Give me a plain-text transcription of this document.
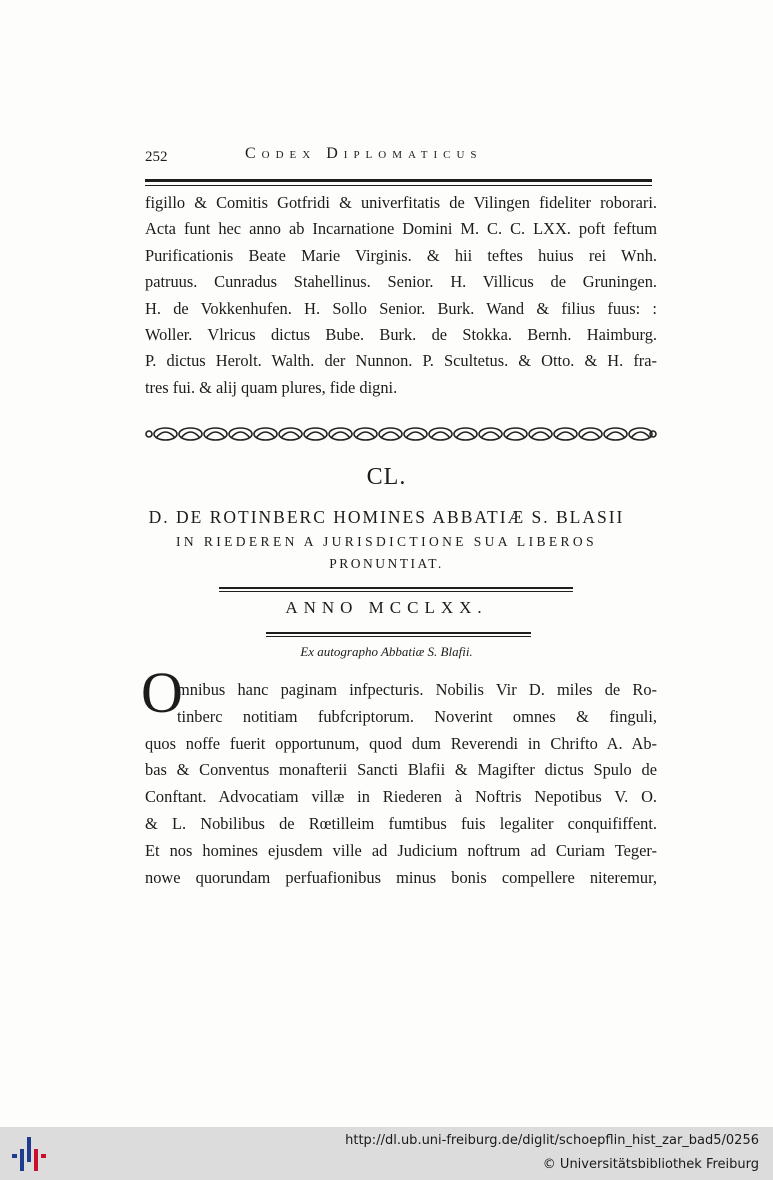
252	Codex Diplomaticus
figillo & Comitis Gotfridi & univerfitatis de Vilingen fideliter roborari.
Acta funt hec anno ab Incarnatione Domini M. C. C. LXX. poft feftum
Purificationis Beate Marie Virginis. & hii teftes huius rei Wnh.
patruus. Cunradus Stahellinus. Senior. H. Villicus de Gruningen.
H. de Vokkenhufen. H. Sollo Senior. Burk. Wand & filius fuus: :
Woller. Vlricus dictus Bube. Burk. de Stokka. Bernh. Haimburg.
P. dictus Herolt. Walth. der Nunnon. P. Scultetus. & Otto. & H. fra-
tres fui. & alij quam plures, fide digni.
CL.
D. DE ROTINBERC HOMINES ABBATIÆ S. BLASII
IN RIEDEREN A JURISDICTIONE SUA LIBEROS
PRONUNTIAT.
ANNO MCCLXX.
Ex autographo Abbatiæ S. Blafii.
O
mnibus hanc paginam infpecturis. Nobilis Vir D. miles de Ro-
tinberc notitiam fubfcriptorum. Noverint omnes & finguli,
quos noffe fuerit opportunum, quod dum Reverendi in Chrifto A. Ab-
bas & Conventus monafterii Sancti Blafii & Magifter dictus Spulo de
Conftant. Advocatiam villæ in Riederen à Noftris Nepotibus V. O.
& L. Nobilibus de Rœtilleim fumtibus fuis legaliter conquififfent.
Et nos homines ejusdem ville ad Judicium noftrum ad Curiam Teger-
nowe quorundam perfuafionibus minus bonis compellere niteremur,
http://dl.ub.uni-freiburg.de/diglit/schoepflin_hist_zar_bad5/0256
© Universitätsbibliothek Freiburg
